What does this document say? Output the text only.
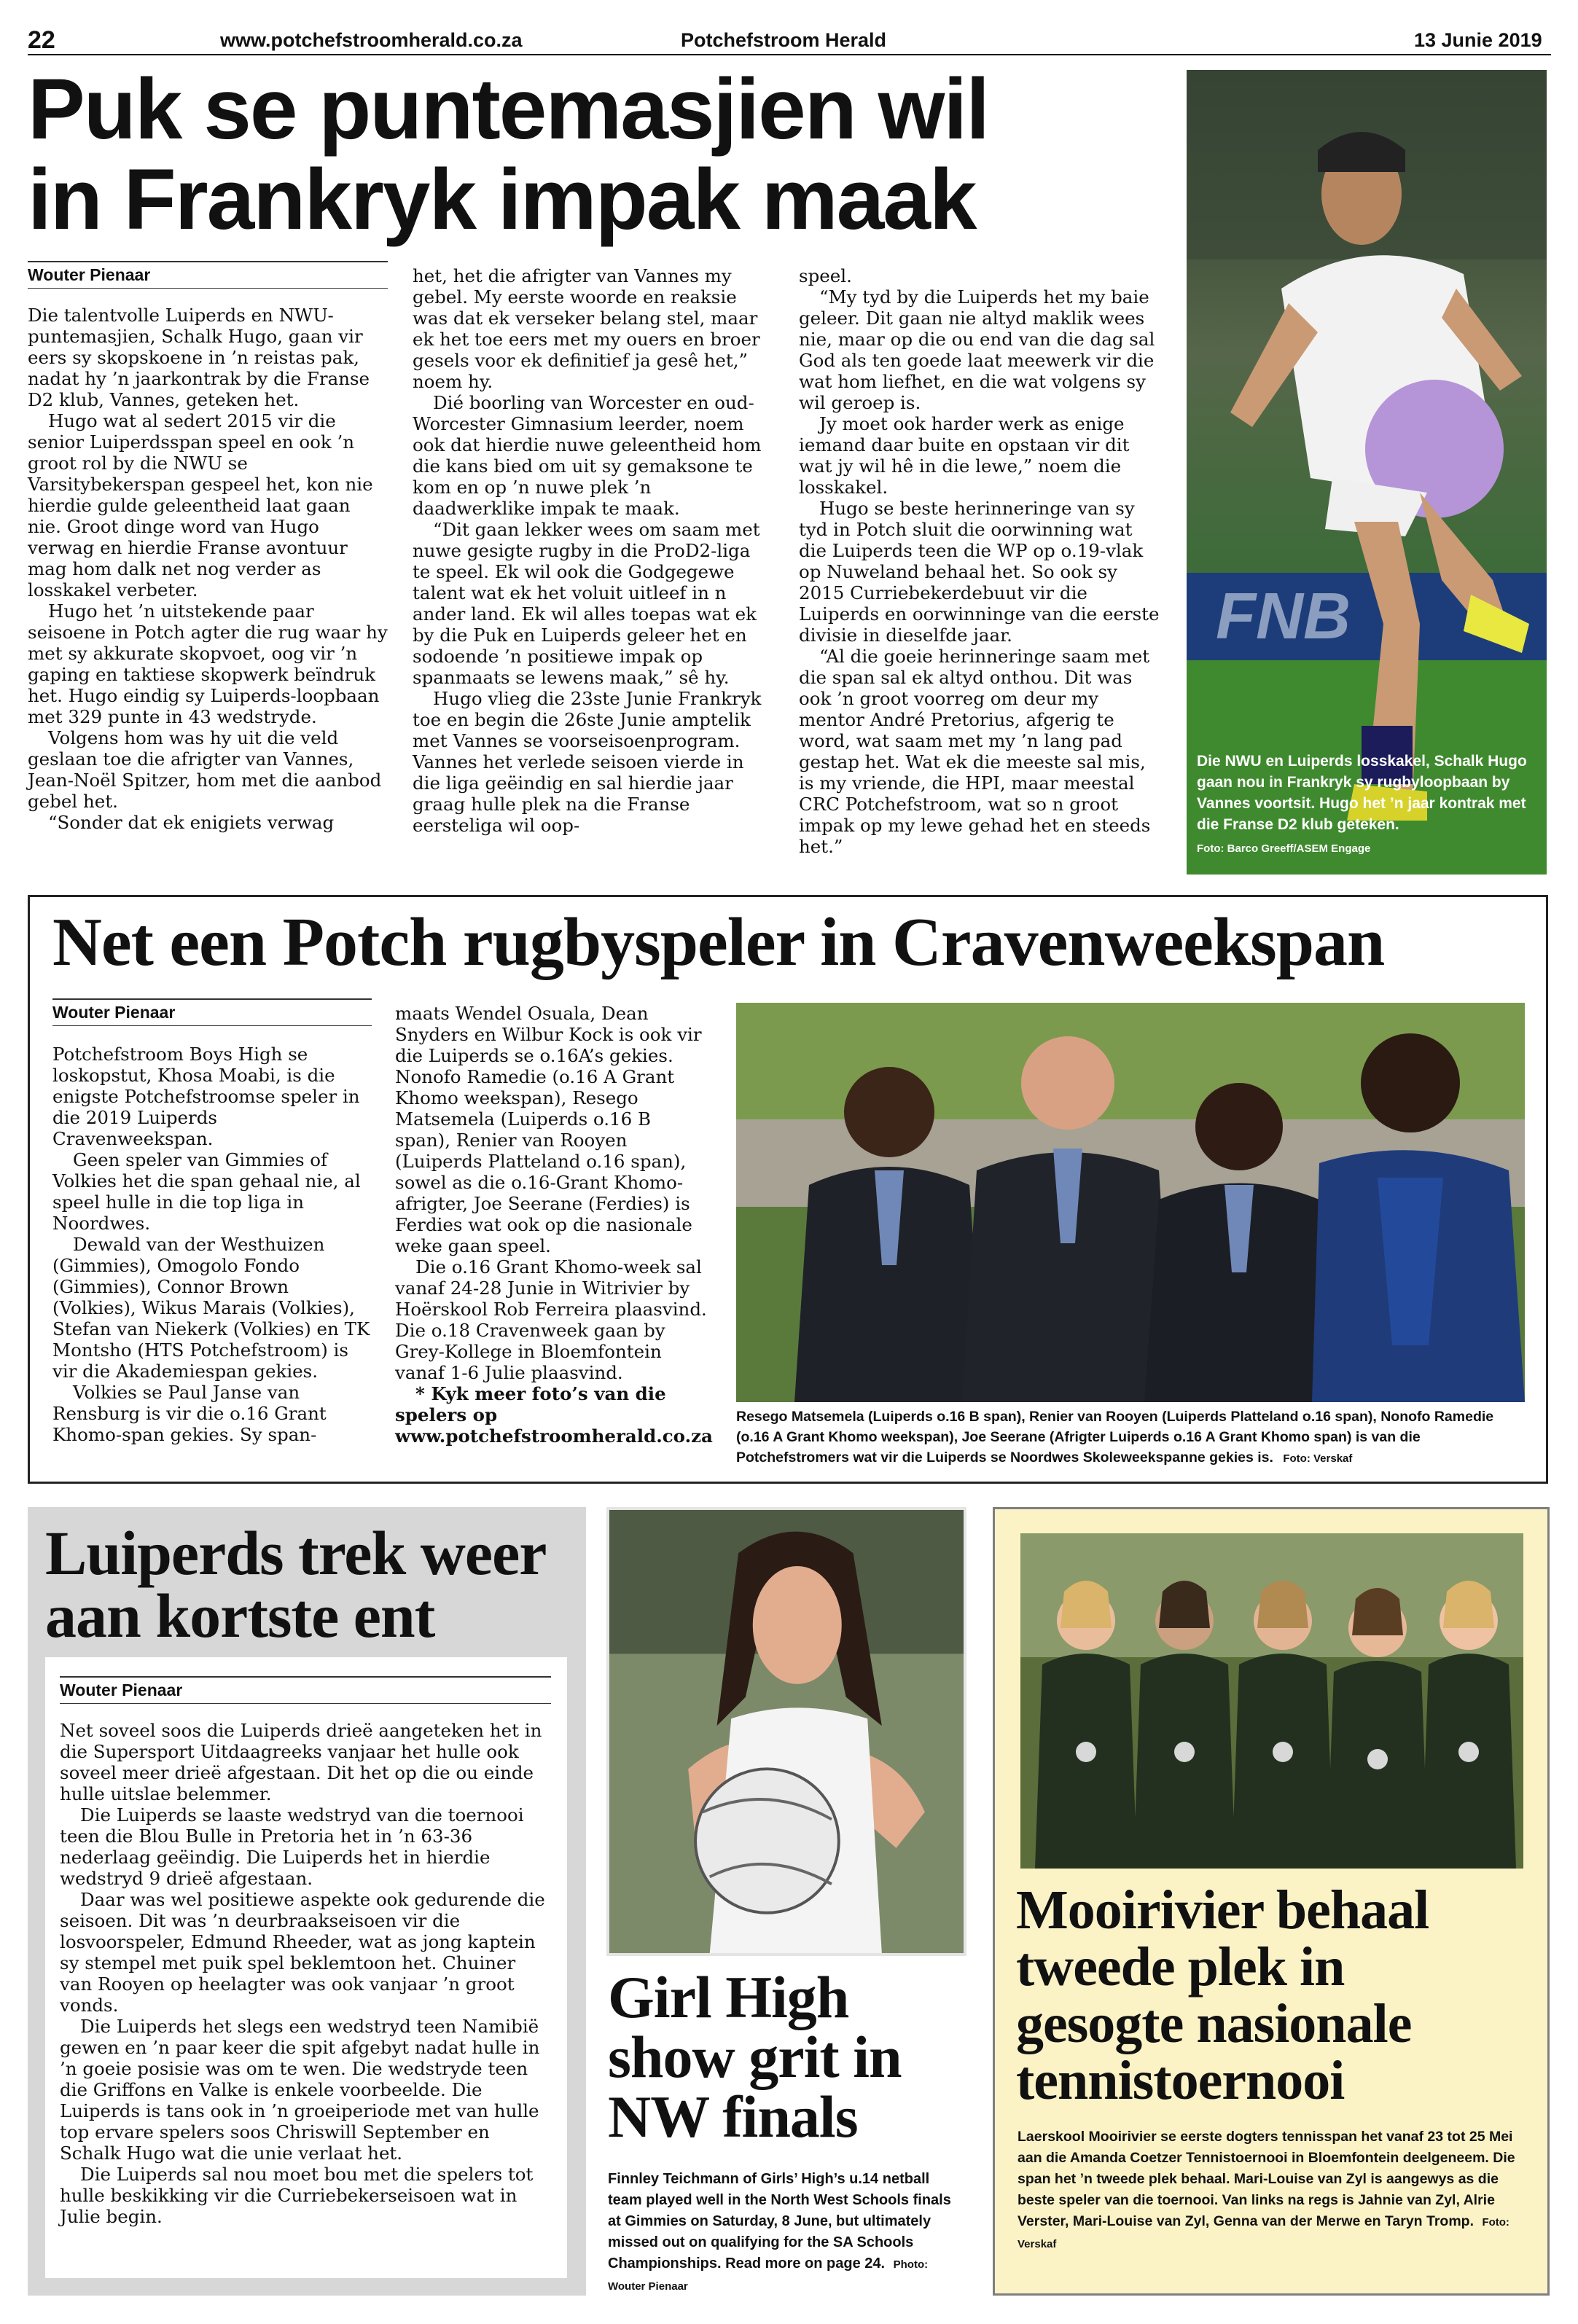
22	www.potchefstroomherald.co.za	Potchefstroom Herald	13 Junie 2019
Puk se puntemasjien wil
in Frankryk impak maak
Wouter Pienaar

Die talentvolle Luiperds en NWU-puntemasjien, Schalk Hugo, gaan vir eers sy skopskoene in ’n reistas pak, nadat hy ’n jaarkontrak by die Franse D2 klub, Vannes, geteken het.

Hugo wat al sedert 2015 vir die senior Luiperdsspan speel en ook ’n groot rol by die NWU se Varsitybekerspan gespeel het, kon nie hierdie gulde geleentheid laat gaan nie. Groot dinge word van Hugo verwag en hierdie Franse avontuur mag hom dalk net nog verder as losskakel verbeter.

Hugo het ’n uitstekende paar seisoene in Potch agter die rug waar hy met sy akkurate skopvoet, oog vir ’n gaping en taktiese skopwerk beïndruk het. Hugo eindig sy Luiperds-loopbaan met 329 punte in 43 wedstryde.

Volgens hom was hy uit die veld geslaan toe die afrigter van Vannes, Jean-Noël Spitzer, hom met die aanbod gebel het.

“Sonder dat ek enigiets verwag

het, het die afrigter van Vannes my gebel. My eerste woorde en reaksie was dat ek verseker belang stel, maar ek het toe eers met my ouers en broer gesels voor ek definitief ja gesê het,” noem hy.

Dié boorling van Worcester en oud-Worcester Gimnasium leerder, noem ook dat hierdie nuwe geleentheid hom die kans bied om uit sy gemaksone te kom en op ’n nuwe plek ’n daadwerklike impak te maak.

“Dit gaan lekker wees om saam met nuwe gesigte rugby in die ProD2-liga te speel. Ek wil ook die Godgegewe talent wat ek het voluit uitleef in n ander land. Ek wil alles toepas wat ek by die Puk en Luiperds geleer het en sodoende ’n positiewe impak op spanmaats se lewens maak,” sê hy.

Hugo vlieg die 23ste Junie Frankryk toe en begin die 26ste Junie amptelik met Vannes se voorseisoenprogram. Vannes het verlede seisoen vierde in die liga geëindig en sal hierdie jaar graag hulle plek na die Franse eersteliga wil oop-

speel.

“My tyd by die Luiperds het my baie geleer. Dit gaan nie altyd maklik wees nie, maar op die ou end van die dag sal God als ten goede laat meewerk vir die wat hom liefhet, en die wat volgens sy wil geroep is.

Jy moet ook harder werk as enige iemand daar buite en opstaan vir dit wat jy wil hê in die lewe,” noem die losskakel.

Hugo se beste herinneringe van sy tyd in Potch sluit die oorwinning wat die Luiperds teen die WP op o.19-vlak op Nuweland behaal het. So ook sy 2015 Curriebekerdebuut vir die Luiperds en oorwinninge van die eerste divisie in dieselfde jaar.

“Al die goeie herinneringe saam met die span sal ek altyd onthou. Dit was ook ’n groot voorreg om deur my mentor André Pretorius, afgerig te word, wat saam met my ’n lang pad gestap het. Wat ek die meeste sal mis, is my vriende, die HPI, maar meestal CRC Potchefstroom, wat so n groot impak op my lewe gehad het en steeds het.”

FNB
Die NWU en Luiperds losskakel, Schalk Hugo gaan nou in Frankryk sy rugbyloopbaan by Vannes voortsit. Hugo het ’n jaar kontrak met die Franse D2 klub geteken.
Foto: Barco Greeff/ASEM Engage
Net een Potch rugbyspeler in Cravenweekspan
Wouter Pienaar

Potchefstroom Boys High se loskopstut, Khosa Moabi, is die enigste Potchefstroomse speler in die 2019 Luiperds Cravenweekspan.

Geen speler van Gimmies of Volkies het die span gehaal nie, al speel hulle in die top liga in Noordwes.

Dewald van der Westhuizen (Gimmies), Omogolo Fondo (Gimmies), Connor Brown (Volkies), Wikus Marais (Volkies), Stefan van Niekerk (Volkies) en TK Montsho (HTS Potchefstroom) is vir die Akademiespan gekies.

Volkies se Paul Janse van Rensburg is vir die o.16 Grant Khomo-span gekies. Sy span-

maats Wendel Osuala, Dean Snyders en Wilbur Kock is ook vir die Luiperds se o.16A’s gekies. Nonofo Ramedie (o.16 A Grant Khomo weekspan), Resego Matsemela (Luiperds o.16 B span), Renier van Rooyen (Luiperds Platteland o.16 span), sowel as die o.16-Grant Khomo-afrigter, Joe Seerane (Ferdies) is Ferdies wat ook op die nasionale weke gaan speel.

Die o.16 Grant Khomo-week sal vanaf 24-28 Junie in Witrivier by Hoërskool Rob Ferreira plaasvind. Die o.18 Cravenweek gaan by Grey-Kollege in Bloemfontein vanaf 1-6 Julie plaasvind.

* Kyk meer foto’s van die spelers op www.potchefstroomherald.co.za

Resego Matsemela (Luiperds o.16 B span), Renier van Rooyen (Luiperds Platteland o.16 span), Nonofo Ramedie (o.16 A Grant Khomo weekspan), Joe Seerane (Afrigter Luiperds o.16 A Grant Khomo span) is van die Potchefstromers wat vir die Luiperds se Noordwes Skoleweekspanne gekies is. Foto: Verskaf
Luiperds trek weer
aan kortste ent
Wouter Pienaar

Net soveel soos die Luiperds drieë aangeteken het in die Supersport Uitdaagreeks vanjaar het hulle ook soveel meer drieë afgestaan. Dit het op die ou einde hulle uitslae belemmer.

Die Luiperds se laaste wedstryd van die toernooi teen die Blou Bulle in Pretoria het in ’n 63-36 nederlaag geëindig. Die Luiperds het in hierdie wedstryd 9 drieë afgestaan.

Daar was wel positiewe aspekte ook gedurende die seisoen. Dit was ’n deurbraakseisoen vir die losvoorspeler, Edmund Rheeder, wat as jong kaptein sy stempel met puik spel beklemtoon het. Chuiner van Rooyen op heelagter was ook vanjaar ’n groot vonds.

Die Luiperds het slegs een wedstryd teen Namibië gewen en ’n paar keer die spit afgebyt nadat hulle in ’n goeie posisie was om te wen. Die wedstryde teen die Griffons en Valke is enkele voorbeelde. Die Luiperds is tans ook in ’n groeiperiode met van hulle top ervare spelers soos Chriswill September en Schalk Hugo wat die unie verlaat het.

Die Luiperds sal nou moet bou met die spelers tot hulle beskikking vir die Curriebekerseisoen wat in Julie begin.

Girl High
show grit in
NW finals
Finnley Teichmann of Girls’ High’s u.14 netball team played well in the North West Schools finals at Gimmies on Saturday, 8 June, but ultimately missed out on qualifying for the SA Schools Championships. Read more on page 24. Photo: Wouter Pienaar
Mooirivier behaal
tweede plek in
gesogte nasionale
tennistoernooi
Laerskool Mooirivier se eerste dogters tennisspan het vanaf 23 tot 25 Mei aan die Amanda Coetzer Tennistoernooi in Bloemfontein deelgeneem. Die span het ’n tweede plek behaal. Mari-Louise van Zyl is aangewys as die beste speler van die toernooi. Van links na regs is Jahnie van Zyl, Alrie Verster, Mari-Louise van Zyl, Genna van der Merwe en Taryn Tromp. Foto: Verskaf
